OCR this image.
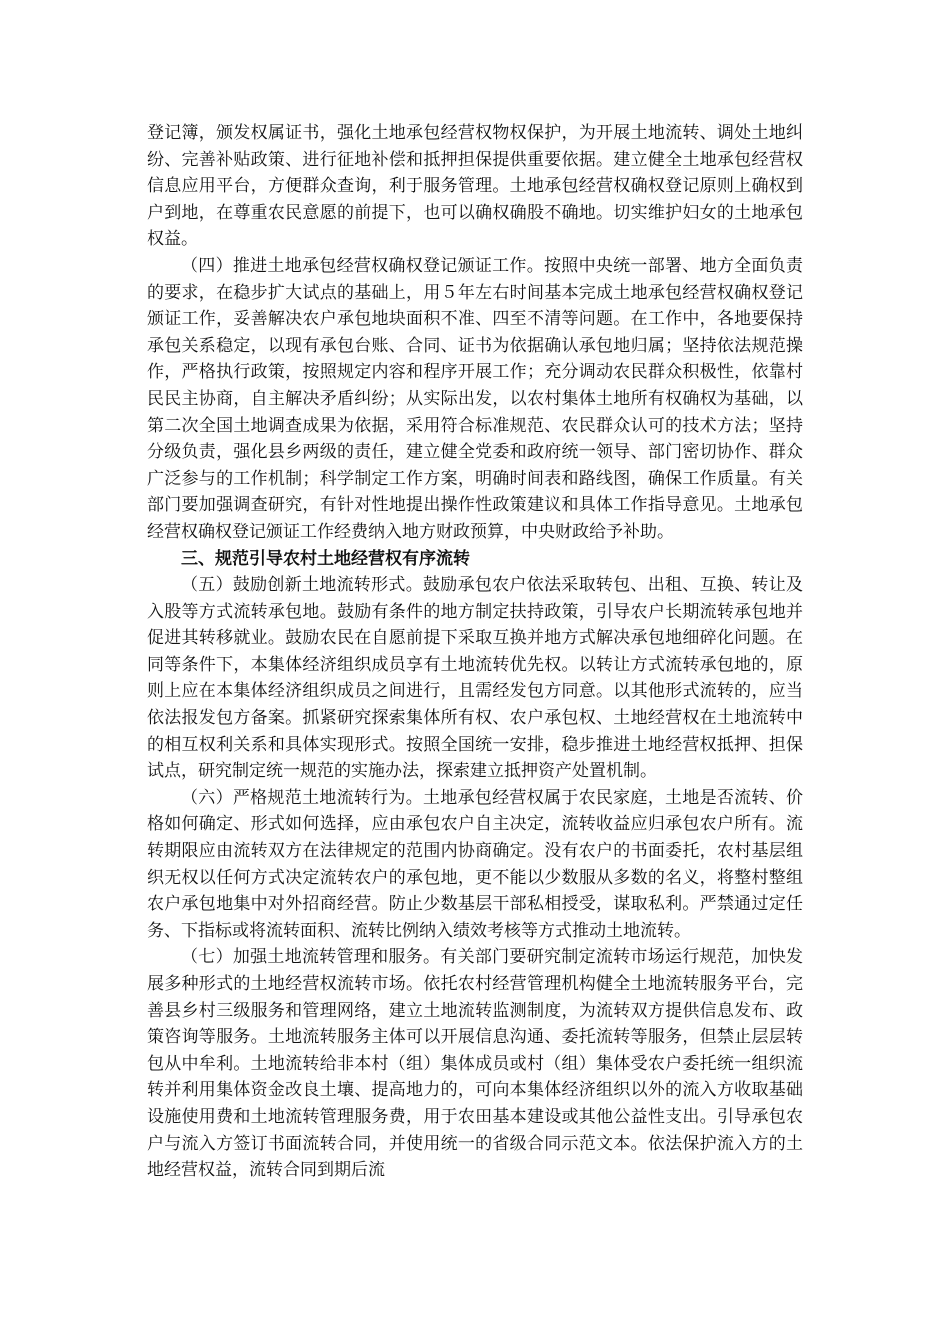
登记簿，颁发权属证书，强化土地承包经营权物权保护，为开展土地流转、调处土地纠纷、完善补贴政策、进行征地补偿和抵押担保提供重要依据。建立健全土地承包经营权信息应用平台，方便群众查询，利于服务管理。土地承包经营权确权登记原则上确权到户到地，在尊重农民意愿的前提下，也可以确权确股不确地。切实维护妇女的土地承包权益。

（四）推进土地承包经营权确权登记颁证工作。按照中央统一部署、地方全面负责的要求，在稳步扩大试点的基础上，用５年左右时间基本完成土地承包经营权确权登记颁证工作，妥善解决农户承包地块面积不准、四至不清等问题。在工作中，各地要保持承包关系稳定，以现有承包台账、合同、证书为依据确认承包地归属；坚持依法规范操作，严格执行政策，按照规定内容和程序开展工作；充分调动农民群众积极性，依靠村民民主协商，自主解决矛盾纠纷；从实际出发，以农村集体土地所有权确权为基础，以第二次全国土地调查成果为依据，采用符合标准规范、农民群众认可的技术方法；坚持分级负责，强化县乡两级的责任，建立健全党委和政府统一领导、部门密切协作、群众广泛参与的工作机制；科学制定工作方案，明确时间表和路线图，确保工作质量。有关部门要加强调查研究，有针对性地提出操作性政策建议和具体工作指导意见。土地承包经营权确权登记颁证工作经费纳入地方财政预算，中央财政给予补助。

三、规范引导农村土地经营权有序流转

（五）鼓励创新土地流转形式。鼓励承包农户依法采取转包、出租、互换、转让及入股等方式流转承包地。鼓励有条件的地方制定扶持政策，引导农户长期流转承包地并促进其转移就业。鼓励农民在自愿前提下采取互换并地方式解决承包地细碎化问题。在同等条件下，本集体经济组织成员享有土地流转优先权。以转让方式流转承包地的，原则上应在本集体经济组织成员之间进行，且需经发包方同意。以其他形式流转的，应当依法报发包方备案。抓紧研究探索集体所有权、农户承包权、土地经营权在土地流转中的相互权利关系和具体实现形式。按照全国统一安排，稳步推进土地经营权抵押、担保试点，研究制定统一规范的实施办法，探索建立抵押资产处置机制。

（六）严格规范土地流转行为。土地承包经营权属于农民家庭，土地是否流转、价格如何确定、形式如何选择，应由承包农户自主决定，流转收益应归承包农户所有。流转期限应由流转双方在法律规定的范围内协商确定。没有农户的书面委托，农村基层组织无权以任何方式决定流转农户的承包地，更不能以少数服从多数的名义，将整村整组农户承包地集中对外招商经营。防止少数基层干部私相授受，谋取私利。严禁通过定任务、下指标或将流转面积、流转比例纳入绩效考核等方式推动土地流转。

（七）加强土地流转管理和服务。有关部门要研究制定流转市场运行规范，加快发展多种形式的土地经营权流转市场。依托农村经营管理机构健全土地流转服务平台，完善县乡村三级服务和管理网络，建立土地流转监测制度，为流转双方提供信息发布、政策咨询等服务。土地流转服务主体可以开展信息沟通、委托流转等服务，但禁止层层转包从中牟利。土地流转给非本村（组）集体成员或村（组）集体受农户委托统一组织流转并利用集体资金改良土壤、提高地力的，可向本集体经济组织以外的流入方收取基础设施使用费和土地流转管理服务费，用于农田基本建设或其他公益性支出。引导承包农户与流入方签订书面流转合同，并使用统一的省级合同示范文本。依法保护流入方的土地经营权益，流转合同到期后流
